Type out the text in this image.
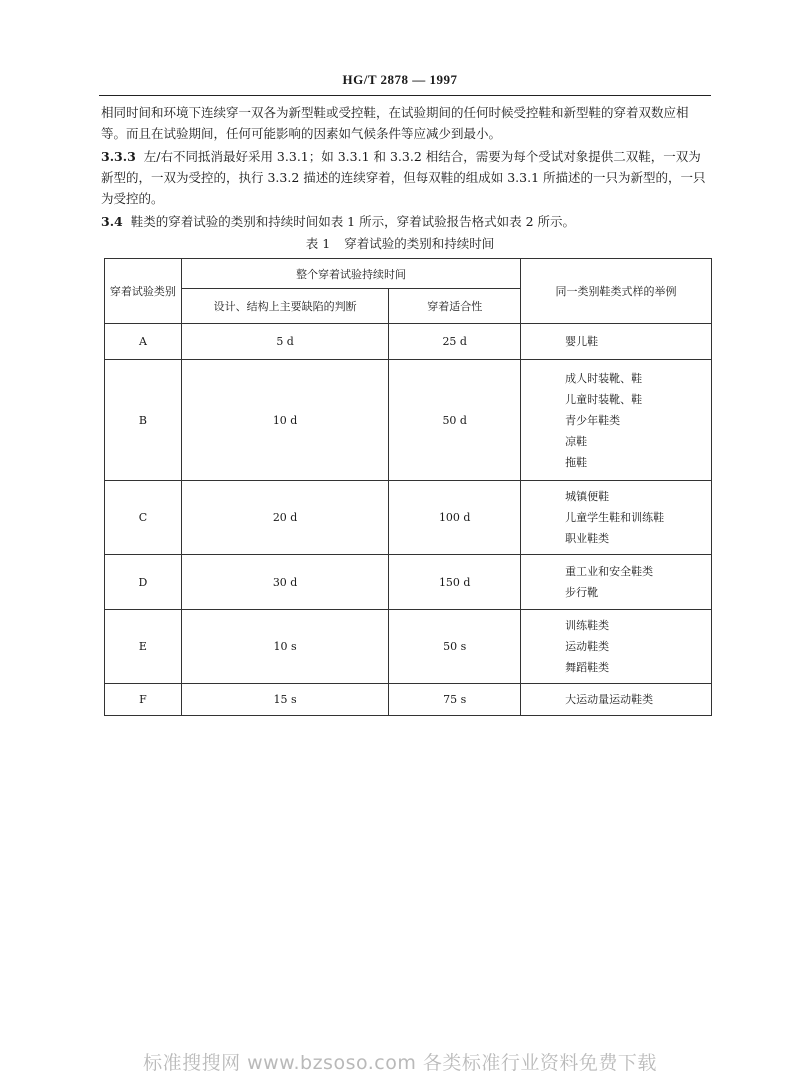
HG/T 2878 — 1997
相同时间和环境下连续穿一双各为新型鞋或受控鞋，在试验期间的任何时候受控鞋和新型鞋的穿着双数应相等。而且在试验期间，任何可能影响的因素如气候条件等应减少到最小。
3.3.3 左/右不同抵消最好采用 3.3.1；如 3.3.1 和 3.3.2 相结合，需要为每个受试对象提供二双鞋，一双为新型的，一双为受控的，执行 3.3.2 描述的连续穿着，但每双鞋的组成如 3.3.1 所描述的一只为新型的，一只为受控的。
3.4 鞋类的穿着试验的类别和持续时间如表 1 所示，穿着试验报告格式如表 2 所示。
表 1 穿着试验的类别和持续时间
穿着试验类别	整个穿着试验持续时间		同一类别鞋类式样的举例
	设计、结构上主要缺陷的判断	穿着适合性	
A	5 d	25 d	婴儿鞋

B	10 d	50 d	成人时装靴、鞋
儿童时装靴、鞋
青少年鞋类
凉鞋
拖鞋

C	20 d	100 d	城镇便鞋
儿童学生鞋和训练鞋
职业鞋类

D	30 d	150 d	重工业和安全鞋类
步行靴

E	10 s	50 s	训练鞋类
运动鞋类
舞蹈鞋类

F	15 s	75 s	大运动量运动鞋类
标准搜搜网 www.bzsoso.com 各类标准行业资料免费下载
